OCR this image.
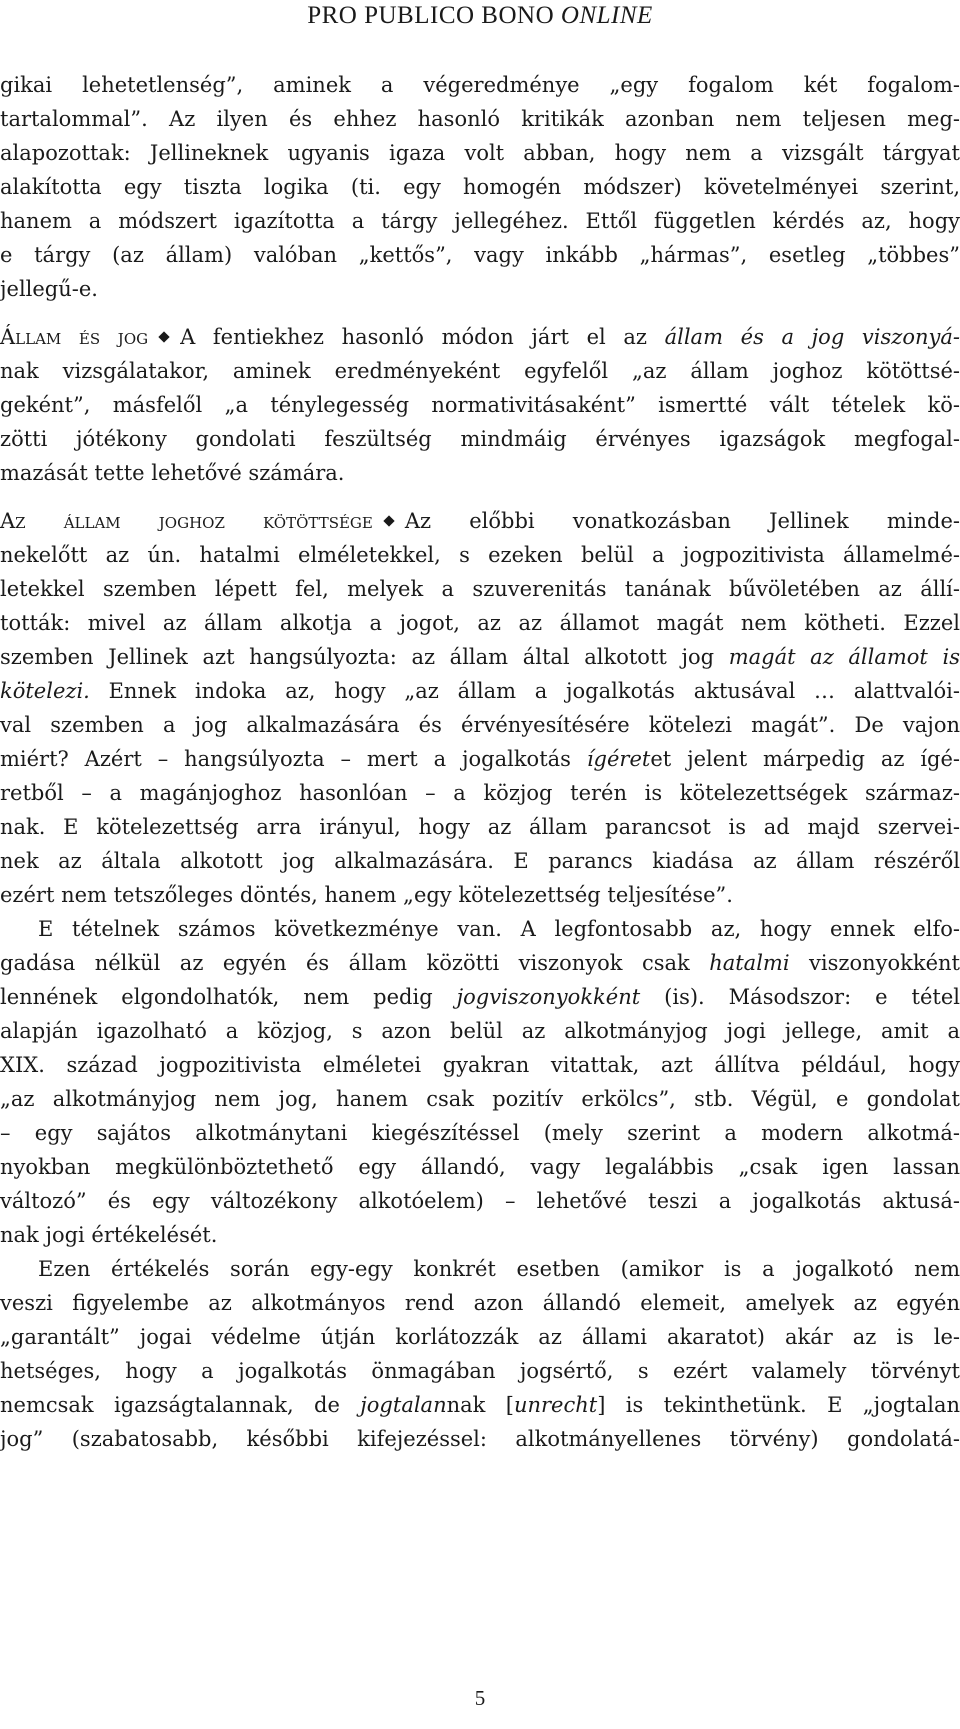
PRO PUBLICO BONO ONLINE
gikai lehetetlenség”, aminek a végeredménye „egy fogalom két fogalom-
tartalommal”. Az ilyen és ehhez hasonló kritikák azonban nem teljesen meg-
alapozottak: Jellineknek ugyanis igaza volt abban, hogy nem a vizsgált tárgyat
alakította egy tiszta logika (ti. egy homogén módszer) követelményei szerint,
hanem a módszert igazította a tárgy jellegéhez. Ettől független kérdés az, hogy
e tárgy (az állam) valóban „kettős”, vagy inkább „hármas”, esetleg „többes”
jellegű-e.
Állam és jog A fentiekhez hasonló módon járt el az állam és a jog viszonyá-
nak vizsgálatakor, aminek eredményeként egyfelől „az állam joghoz kötöttsé-
geként”, másfelől „a ténylegesség normativitásaként” ismertté vált tételek kö-
zötti jótékony gondolati feszültség mindmáig érvényes igazságok megfogal-
mazását tette lehetővé számára.
Az állam joghoz kötöttsége Az előbbi vonatkozásban Jellinek minde-
nekelőtt az ún. hatalmi elméletekkel, s ezeken belül a jogpozitivista államelmé-
letekkel szemben lépett fel, melyek a szuverenitás tanának bűvöletében az állí-
tották: mivel az állam alkotja a jogot, az az államot magát nem kötheti. Ezzel
szemben Jellinek azt hangsúlyozta: az állam által alkotott jog magát az államot is
kötelezi. Ennek indoka az, hogy „az állam a jogalkotás aktusával … alattvalói-
val szemben a jog alkalmazására és érvényesítésére kötelezi magát”. De vajon
miért? Azért – hangsúlyozta – mert a jogalkotás ígéretet jelent márpedig az ígé-
retből – a magánjoghoz hasonlóan – a közjog terén is kötelezettségek származ-
nak. E kötelezettség arra irányul, hogy az állam parancsot is ad majd szervei-
nek az általa alkotott jog alkalmazására. E parancs kiadása az állam részéről
ezért nem tetszőleges döntés, hanem „egy kötelezettség teljesítése”.
E tételnek számos következménye van. A legfontosabb az, hogy ennek elfo-
gadása nélkül az egyén és állam közötti viszonyok csak hatalmi viszonyokként
lennének elgondolhatók, nem pedig jogviszonyokként (is). Másodszor: e tétel
alapján igazolható a közjog, s azon belül az alkotmányjog jogi jellege, amit a
XIX. század jogpozitivista elméletei gyakran vitattak, azt állítva például, hogy
„az alkotmányjog nem jog, hanem csak pozitív erkölcs”, stb. Végül, e gondolat
– egy sajátos alkotmánytani kiegészítéssel (mely szerint a modern alkotmá-
nyokban megkülönböztethető egy állandó, vagy legalábbis „csak igen lassan
változó” és egy változékony alkotóelem) – lehetővé teszi a jogalkotás aktusá-
nak jogi értékelését.
Ezen értékelés során egy-egy konkrét esetben (amikor is a jogalkotó nem
veszi figyelembe az alkotmányos rend azon állandó elemeit, amelyek az egyén
„garantált” jogai védelme útján korlátozzák az állami akaratot) akár az is le-
hetséges, hogy a jogalkotás önmagában jogsértő, s ezért valamely törvényt
nemcsak igazságtalannak, de jogtalannak [unrecht] is tekinthetünk. E „jogtalan
jog” (szabatosabb, későbbi kifejezéssel: alkotmányellenes törvény) gondolatá-
5
